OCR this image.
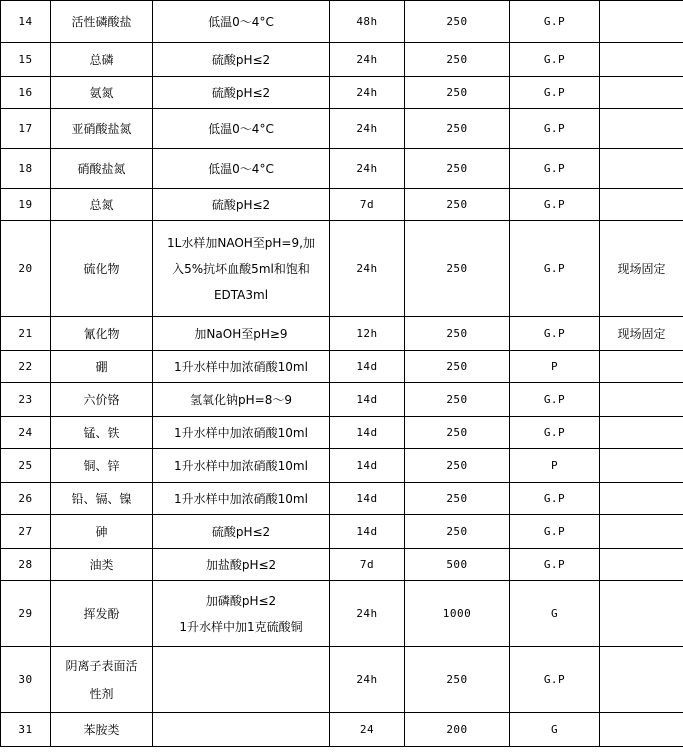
14	活性磷酸盐	低温0～4°C	48h	250	G.P	
15	总磷	硫酸pH≤2	24h	250	G.P	
16	氨氮	硫酸pH≤2	24h	250	G.P	
17	亚硝酸盐氮	低温0～4°C	24h	250	G.P	
18	硝酸盐氮	低温0～4°C	24h	250	G.P	
19	总氮	硫酸pH≤2	7d	250	G.P	
20	硫化物	1L水样加NAOH至pH=9,加
入5%抗坏血酸5ml和饱和
EDTA3ml	24h	250	G.P	现场固定
21	氰化物	加NaOH至pH≥9	12h	250	G.P	现场固定
22	硼	1升水样中加浓硝酸10ml	14d	250	P	
23	六价铬	氢氧化钠pH=8～9	14d	250	G.P	
24	锰、铁	1升水样中加浓硝酸10ml	14d	250	G.P	
25	铜、锌	1升水样中加浓硝酸10ml	14d	250	P	
26	铅、镉、镍	1升水样中加浓硝酸10ml	14d	250	G.P	
27	砷	硫酸pH≤2	14d	250	G.P	
28	油类	加盐酸pH≤2	7d	500	G.P	
29	挥发酚	加磷酸pH≤2
1升水样中加1克硫酸铜	24h	1000	G	
30	阴离子表面活
性剂		24h	250	G.P	
31	苯胺类		24	200	G	
